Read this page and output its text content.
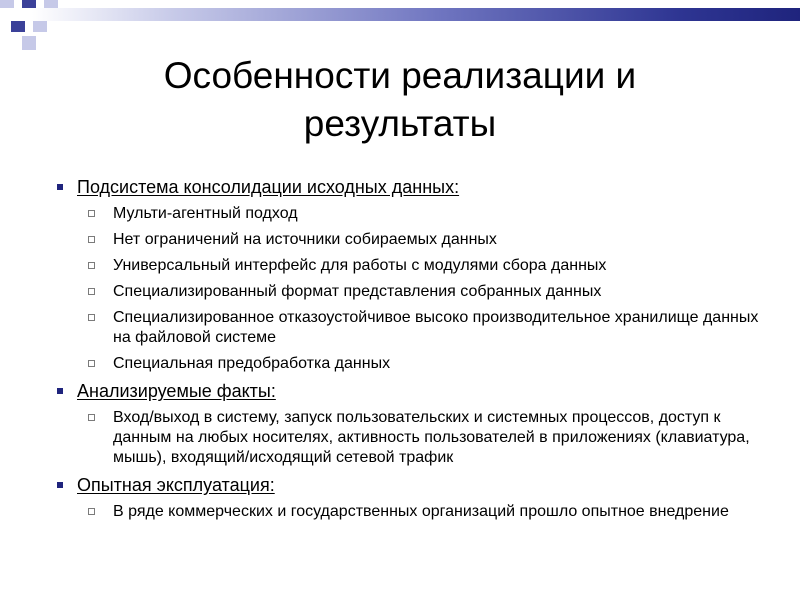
Особенности реализации и
результаты
Подсистема консолидации исходных данных:
Мульти-агентный подход
Нет ограничений на источники собираемых данных
Универсальный интерфейс для работы с модулями сбора данных
Специализированный формат представления собранных данных
Специализированное отказоустойчивое высоко производительное хранилище данных на файловой системе
Специальная предобработка данных
Анализируемые факты:
Вход/выход в систему, запуск пользовательских и системных процессов, доступ к данным на любых носителях, активность пользователей в приложениях (клавиатура, мышь), входящий/исходящий сетевой трафик
Опытная эксплуатация:
В ряде коммерческих и государственных организаций прошло опытное внедрение
